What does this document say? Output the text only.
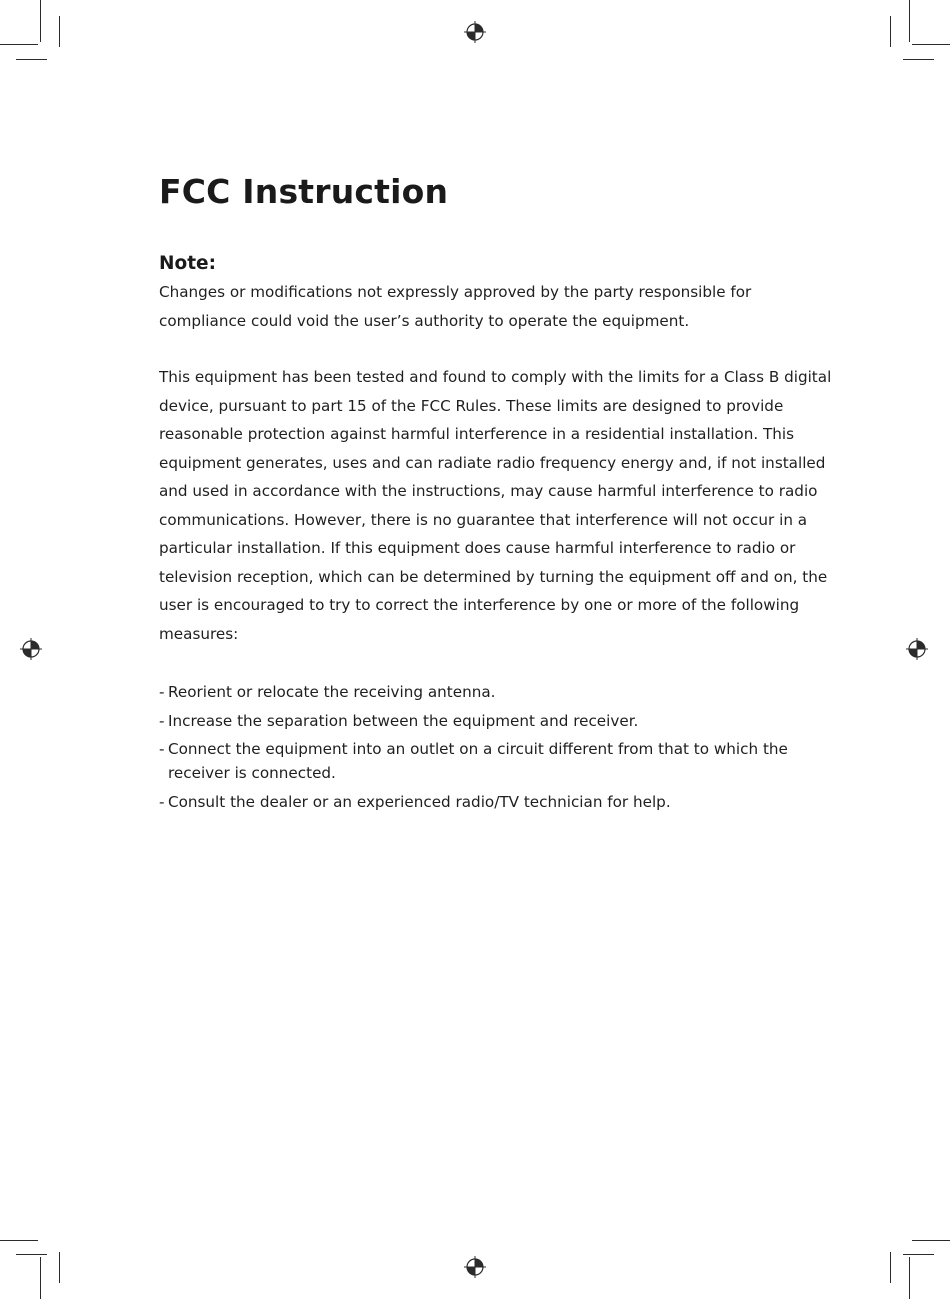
FCC Instruction
Note:

Changes or modifications not expressly approved by the party responsible for compliance could void the user’s authority to operate the equipment.

This equipment has been tested and found to comply with the limits for a Class B digital device, pursuant to part 15 of the FCC Rules. These limits are designed to provide reasonable protection against harmful interference in a residential installation. This equipment generates, uses and can radiate radio frequency energy and, if not installed and used in accordance with the instructions, may cause harmful interference to radio communications. However, there is no guarantee that interference will not occur in a particular installation. If this equipment does cause harmful interference to radio or television reception, which can be determined by turning the equipment off and on, the user is encouraged to try to correct the interference by one or more of the following measures:

- Reorient or relocate the receiving antenna.
- Increase the separation between the equipment and receiver.
- Connect the equipment into an outlet on a circuit different from that to which the receiver is connected.
- Consult the dealer or an experienced radio/TV technician for help.
